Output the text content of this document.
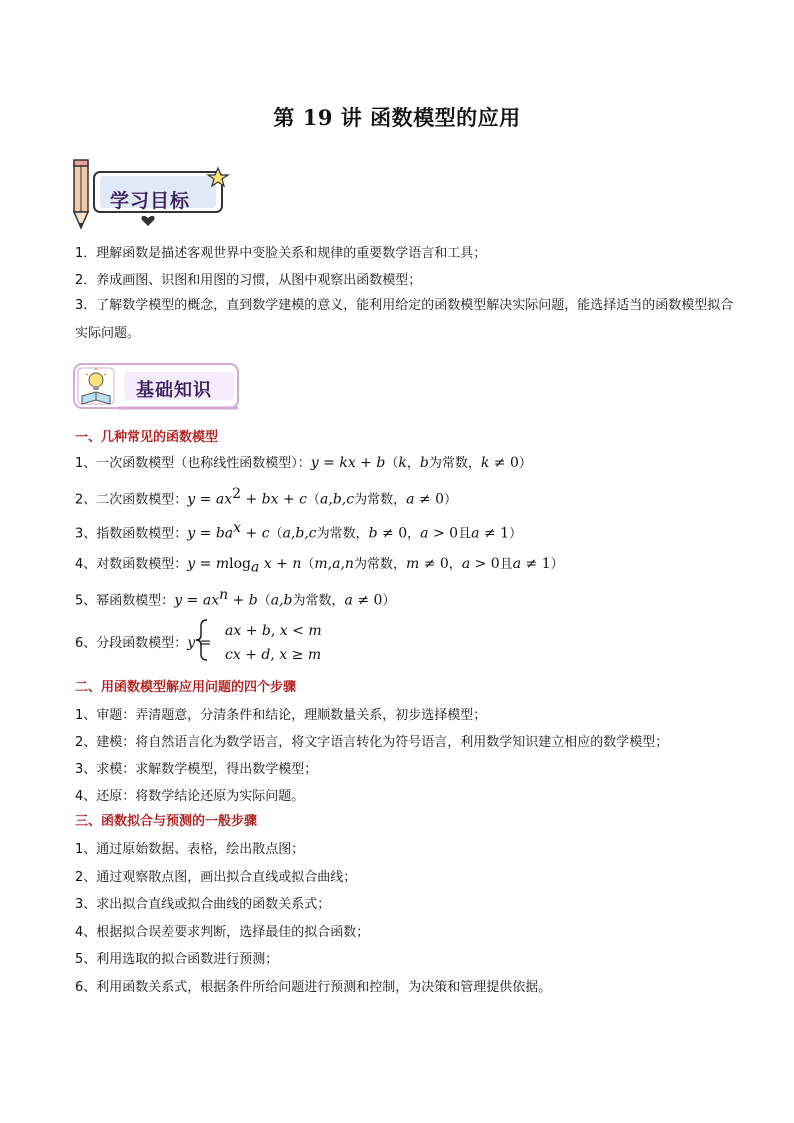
第 19 讲 函数模型的应用
学习目标
1．理解函数是描述客观世界中变脸关系和规律的重要数学语言和工具；
2．养成画图、识图和用图的习惯，从图中观察出函数模型；
3．了解数学模型的概念，直到数学建模的意义，能利用给定的函数模型解决实际问题，能选择适当的函数模型拟合实际问题。
基础知识
一、几种常见的函数模型
1、一次函数模型（也称线性函数模型）：y = kx + b（k，b为常数，k ≠ 0）
2、二次函数模型：$y = ax^2$ + bx + c（a,b,c为常数，a ≠ 0）
3、指数函数模型：$y = ba^x + c(a,b,c$为常数，b ≠ 0，a > 0且a ≠ 1）
4、对数函数模型：y = mlog$_a$ x + n（m,a,n为常数，m ≠ 0，a > 0且a ≠ 1）
5、幂函数模型：$y = ax^n + b(a,b$为常数，a ≠ 0）
6、分段函数模型：y =
ax + b, x < m
cx + d, x ≥ m
二、用函数模型解应用问题的四个步骤
1、审题：弄清题意，分清条件和结论，理顺数量关系，初步选择模型；
2、建模：将自然语言化为数学语言，将文字语言转化为符号语言，利用数学知识建立相应的数学模型；
3、求模：求解数学模型，得出数学模型；
4、还原：将数学结论还原为实际问题。
三、函数拟合与预测的一般步骤
1、通过原始数据、表格，绘出散点图；
2、通过观察散点图，画出拟合直线或拟合曲线；
3、求出拟合直线或拟合曲线的函数关系式；
4、根据拟合误差要求判断，选择最佳的拟合函数；
5、利用选取的拟合函数进行预测；
6、利用函数关系式，根据条件所给问题进行预测和控制，为决策和管理提供依据。
